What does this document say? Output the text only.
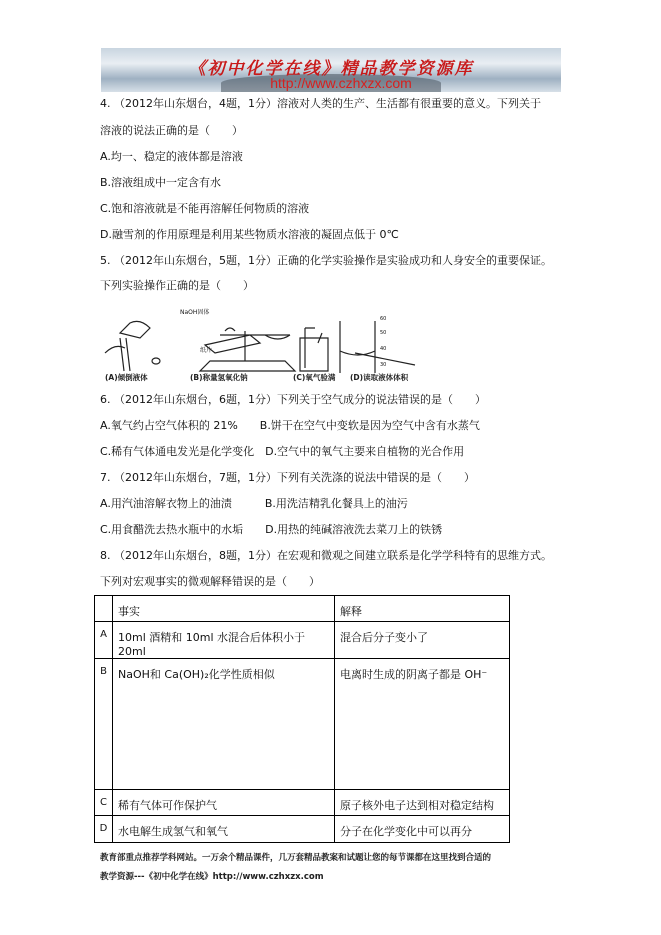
《初中化学在线》精品教学资源库
http://www.czhxzx.com
4. （2012年山东烟台，4题，1分）溶液对人类的生产、生活都有很重要的意义。下列关于
溶液的说法正确的是（　　）
A.均一、稳定的液体都是溶液
B.溶液组成中一定含有水
C.饱和溶液就是不能再溶解任何物质的溶液
D.融雪剂的作用原理是利用某些物质水溶液的凝固点低于 0℃
5. （2012年山东烟台，5题，1分）正确的化学实验操作是实验成功和人身安全的重要保证。
下列实验操作正确的是（　　）
NaOH固体
纸片
60
50
40
30
(A)倾倒液体	(B)称量氢氧化钠	(C)氧气验满 (D)读取液体体积
6. （2012年山东烟台，6题，1分）下列关于空气成分的说法错误的是（　　）
A.氧气约占空气体积的 21%　　B.饼干在空气中变软是因为空气中含有水蒸气
C.稀有气体通电发光是化学变化　D.空气中的氧气主要来自植物的光合作用
7. （2012年山东烟台，7题，1分）下列有关洗涤的说法中错误的是（　　）
A.用汽油溶解衣物上的油渍　　　B.用洗洁精乳化餐具上的油污
C.用食醋洗去热水瓶中的水垢　　D.用热的纯碱溶液洗去菜刀上的铁锈
8. （2012年山东烟台，8题，1分）在宏观和微观之间建立联系是化学学科特有的思维方式。
下列对宏观事实的微观解释错误的是（　　）
	事实	解释
A	10ml 酒精和 10ml 水混合后体积小于 20ml	混合后分子变小了
B	NaOH和 Ca(OH)₂化学性质相似	电离时生成的阴离子都是 OH⁻
C	稀有气体可作保护气	原子核外电子达到相对稳定结构
D	水电解生成氢气和氧气	分子在化学变化中可以再分
教育部重点推荐学科网站。一万余个精品课件，几万套精品教案和试题让您的每节课都在这里找到合适的
教学资源---《初中化学在线》http://www.czhxzx.com
